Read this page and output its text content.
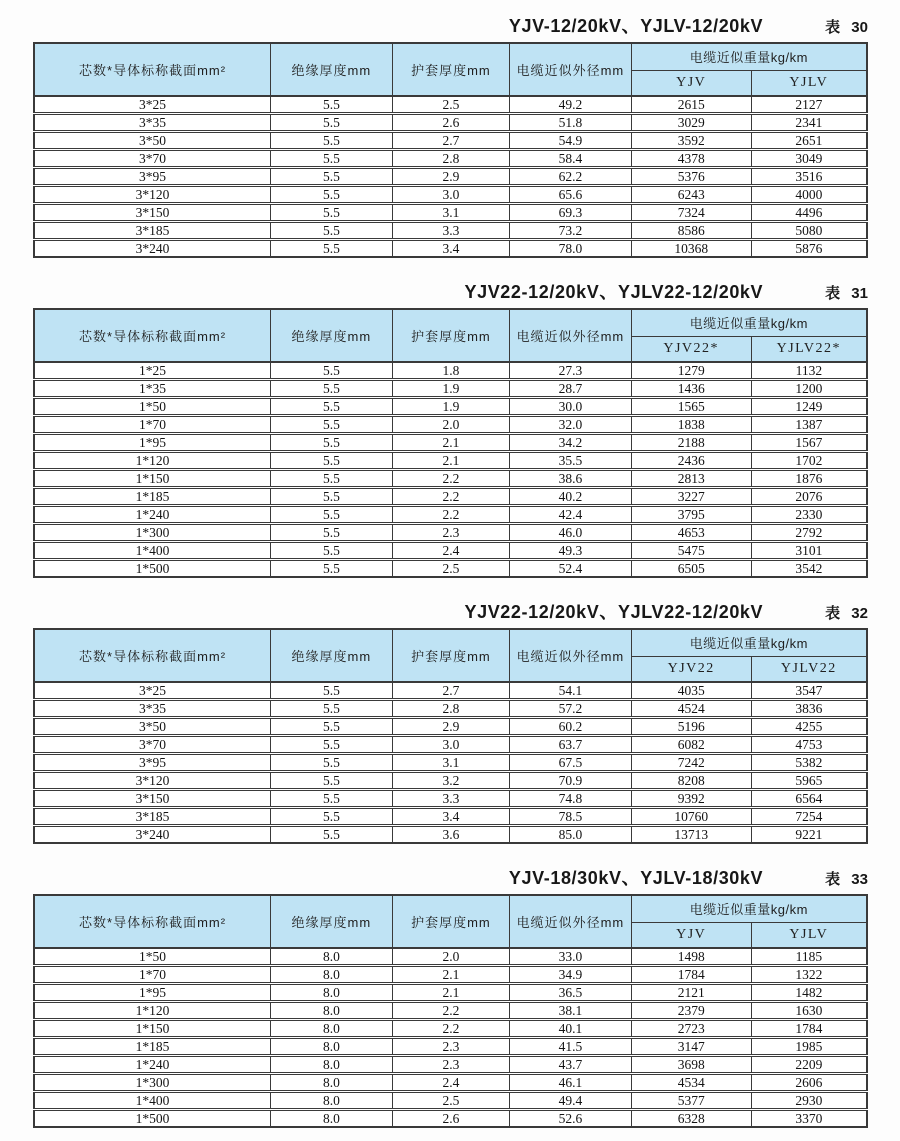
YJV-12/20kV、YJLV-12/20kV	表 30
芯数*导体标称截面mm²	绝缘厚度mm	护套厚度mm	电缆近似外径mm	电缆近似重量kg/km	
				YJV	YJLV
3*25	5.5	2.5	49.2	2615	2127
3*35	5.5	2.6	51.8	3029	2341
3*50	5.5	2.7	54.9	3592	2651
3*70	5.5	2.8	58.4	4378	3049
3*95	5.5	2.9	62.2	5376	3516
3*120	5.5	3.0	65.6	6243	4000
3*150	5.5	3.1	69.3	7324	4496
3*185	5.5	3.3	73.2	8586	5080
3*240	5.5	3.4	78.0	10368	5876
YJV22-12/20kV、YJLV22-12/20kV	表 31
芯数*导体标称截面mm²	绝缘厚度mm	护套厚度mm	电缆近似外径mm	电缆近似重量kg/km	
				YJV22*	YJLV22*
1*25	5.5	1.8	27.3	1279	1132
1*35	5.5	1.9	28.7	1436	1200
1*50	5.5	1.9	30.0	1565	1249
1*70	5.5	2.0	32.0	1838	1387
1*95	5.5	2.1	34.2	2188	1567
1*120	5.5	2.1	35.5	2436	1702
1*150	5.5	2.2	38.6	2813	1876
1*185	5.5	2.2	40.2	3227	2076
1*240	5.5	2.2	42.4	3795	2330
1*300	5.5	2.3	46.0	4653	2792
1*400	5.5	2.4	49.3	5475	3101
1*500	5.5	2.5	52.4	6505	3542
YJV22-12/20kV、YJLV22-12/20kV	表 32
芯数*导体标称截面mm²	绝缘厚度mm	护套厚度mm	电缆近似外径mm	电缆近似重量kg/km	
				YJV22	YJLV22
3*25	5.5	2.7	54.1	4035	3547
3*35	5.5	2.8	57.2	4524	3836
3*50	5.5	2.9	60.2	5196	4255
3*70	5.5	3.0	63.7	6082	4753
3*95	5.5	3.1	67.5	7242	5382
3*120	5.5	3.2	70.9	8208	5965
3*150	5.5	3.3	74.8	9392	6564
3*185	5.5	3.4	78.5	10760	7254
3*240	5.5	3.6	85.0	13713	9221
YJV-18/30kV、YJLV-18/30kV	表 33
芯数*导体标称截面mm²	绝缘厚度mm	护套厚度mm	电缆近似外径mm	电缆近似重量kg/km	
				YJV	YJLV
1*50	8.0	2.0	33.0	1498	1185
1*70	8.0	2.1	34.9	1784	1322
1*95	8.0	2.1	36.5	2121	1482
1*120	8.0	2.2	38.1	2379	1630
1*150	8.0	2.2	40.1	2723	1784
1*185	8.0	2.3	41.5	3147	1985
1*240	8.0	2.3	43.7	3698	2209
1*300	8.0	2.4	46.1	4534	2606
1*400	8.0	2.5	49.4	5377	2930
1*500	8.0	2.6	52.6	6328	3370
